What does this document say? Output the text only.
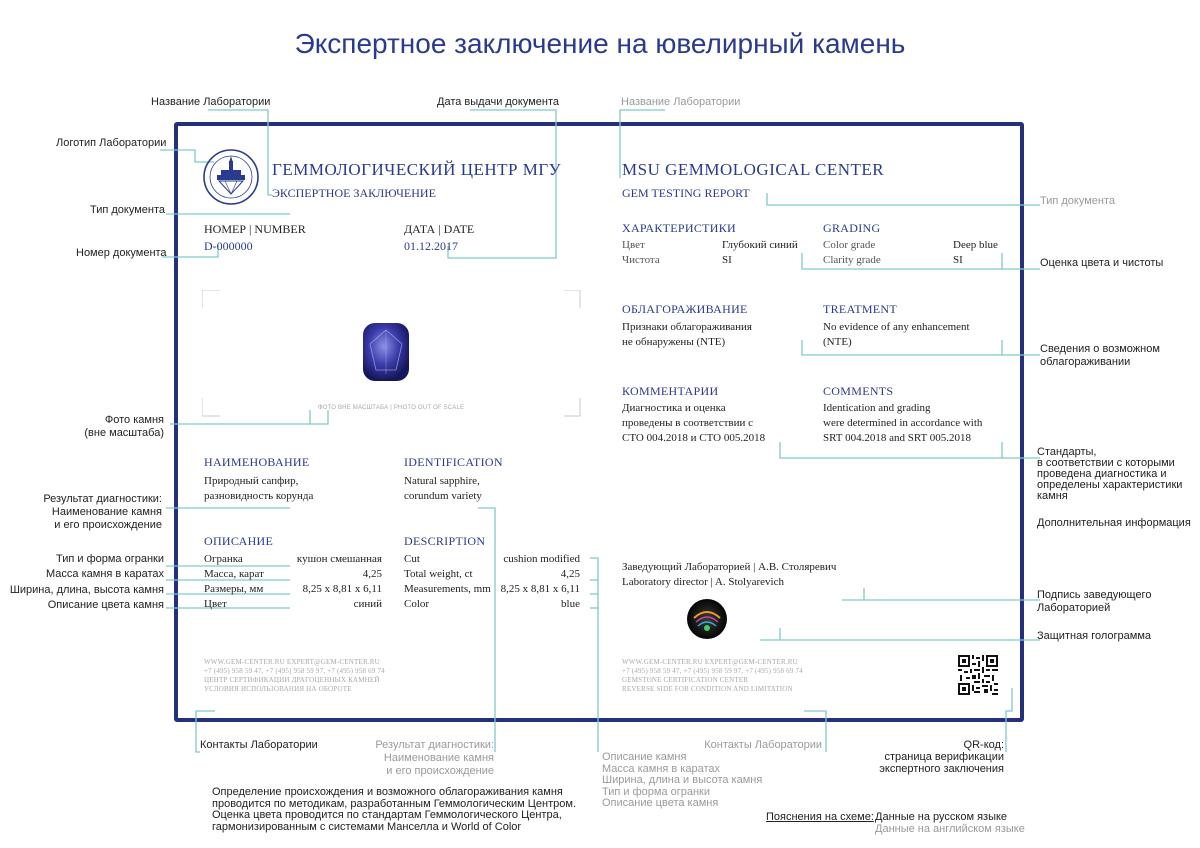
Экспертное заключение на ювелирный камень
ГЕММОЛОГИЧЕСКИЙ ЦЕНТР МГУ
ЭКСПЕРТНОЕ ЗАКЛЮЧЕНИЕ
НОМЕР | NUMBER
D-000000
ДАТА | DATE
01.12.2017
ФОТО ВНЕ МАСШТАБА | PHOTO OUT OF SCALE
НАИМЕНОВАНИЕ
Природный сапфир,
разновидность корунда
IDENTIFICATION
Natural sapphire,
corundum variety
ОПИСАНИЕ
Огранка	кушон смешанная
Масса, карат	4,25
Размеры, мм	8,25 x 8,81 x 6,11
Цвет	синий
DESCRIPTION
Cut	cushion modified
Total weight, ct	4,25
Measurements, mm 8,25 x 8,81 x 6,11
Color	blue
WWW.GEM-CENTER.RU EXPERT@GEM-CENTER.RU
+7 (495) 958 59 47, +7 (495) 958 59 97, +7 (495) 958 69 74
ЦЕНТР СЕРТИФИКАЦИИ ДРАГОЦЕННЫХ КАМНЕЙ
УСЛОВИЯ ИСПОЛЬЗОВАНИЯ НА ОБОРОТЕ
MSU GEMMOLOGICAL CENTER
GEM TESTING REPORT
ХАРАКТЕРИСТИКИ
Цвет	Глубокий синий
Чистота	SI
GRADING
Color grade	Deep blue
Clarity grade	SI
ОБЛАГОРАЖИВАНИЕ
Признаки облагораживания
не обнаружены (NTE)
TREATMENT
No evidence of any enhancement
(NTE)
КОММЕНТАРИИ
Диагностика и оценка
проведены в соответствии с
СТО 004.2018 и СТО 005.2018
COMMENTS
Identication and grading
were determined in accordance with
SRT 004.2018 and SRT 005.2018
Заведующий Лабораторией | А.В. Столяревич
Laboratory director | A. Stolyarevich
WWW.GEM-CENTER.RU EXPERT@GEM-CENTER.RU
+7 (495) 958 59 47, +7 (495) 958 59 97, +7 (495) 958 69 74
GEMSTONE CERTIFICATION CENTER
REVERSE SIDE FOR CONDITION AND LIMITATION
Название Лаборатории	Дата выдачи документа	Название Лаборатории
Логотип Лаборатории
Тип документа
Тип документа
Номер документа
Оценка цвета и чистоты
Сведения о возможном
облагораживании
Фото камня
(вне масштаба)
Стандарты,
в соответствии с которыми
проведена диагностика и
определены характеристики
камня
Дополнительная информация
Результат диагностики:
Наименование камня
и его происхождение
Тип и форма огранки
Масса камня в каратах
Ширина, длина, высота камня
Описание цвета камня
Подпись заведующего
Лабораторией
Защитная голограмма
Контакты Лаборатории	Результат диагностики:
Наименование камня
и его происхождение
Описание камня
Масса камня в каратах
Ширина, длина и высота камня
Тип и форма огранки
Описание цвета камня
Контакты Лаборатории	QR-код:
страница верификации
экспертного заключения
Определение происхождения и возможного облагораживания камня
проводится по методикам, разработанным Геммологическим Центром.
Оценка цвета проводится по стандартам Геммологического Центра,
гармонизированным с системами Манселла и World of Color
Пояснения на схеме: Данные на русском языке
Данные на английском языке
